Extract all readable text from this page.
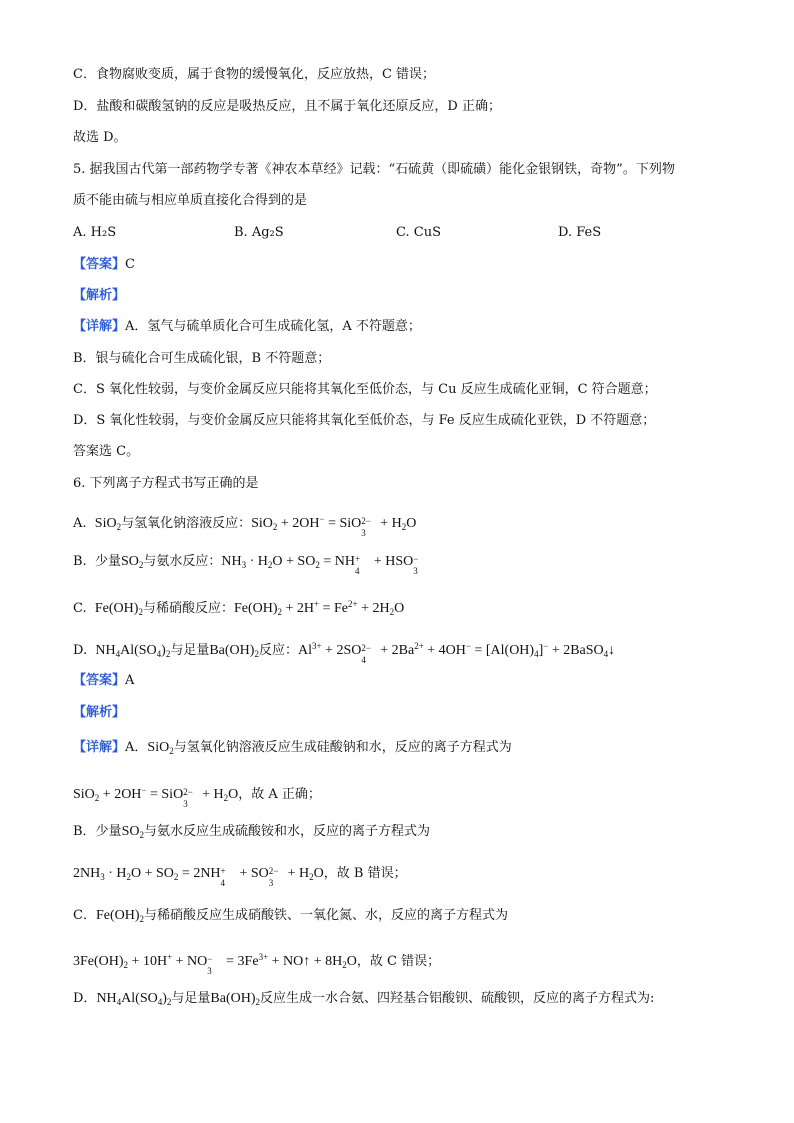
C．食物腐败变质，属于食物的缓慢氧化，反应放热，C 错误；
D．盐酸和碳酸氢钠的反应是吸热反应，且不属于氧化还原反应，D 正确；
故选 D。
5. 据我国古代第一部药物学专著《神农本草经》记载：“石硫黄（即硫磺）能化金银钢铁，奇物”。下列物
质不能由硫与相应单质直接化合得到的是
A. H₂S	B. Ag₂S	C. CuS	D. FeS
【答案】C
【解析】
【详解】A．氢气与硫单质化合可生成硫化氢，A 不符题意；
B．银与硫化合可生成硫化银，B 不符题意；
C．S 氧化性较弱，与变价金属反应只能将其氧化至低价态，与 Cu 反应生成硫化亚铜，C 符合题意；
D．S 氧化性较弱，与变价金属反应只能将其氧化至低价态，与 Fe 反应生成硫化亚铁，D 不符题意；
答案选 C。
6. 下列离子方程式书写正确的是
A. SiO$_2$与氢氧化钠溶液反应：SiO$_2$ + 2OH− = SiO 2−
3
+ $H_2O$
B. 少量$SO_2$与氨水反应：$NH_3 \cdot H_2O + SO_2$ = NH +
4
+ HSO −
3
C. $Fe(OH)_2$与稀硝酸反应：$Fe(OH)_2 + 2H^+ = Fe^{2+} + 2H_2O$
D. $NH_4Al(SO_4)_2$与足量$Ba(OH)_2$反应：$Al^{3+} + 2SO$ 2−
4
+ $2Ba^{2+} + 4OH^- = [Al(OH)_4]^-$ + 2BaSO$_4$↓
【答案】A
【解析】
【详解】A．SiO$_2$与氢氧化钠溶液反应生成硅酸钠和水，反应的离子方程式为
SiO$_2$ + 2OH− = SiO 2−
3
+ $H_2O$，故 A 正确；
B．少量$SO_2$与氨水反应生成硫酸铵和水，反应的离子方程式为
$2NH_3 \cdot H_2O + SO_2 = 2NH$ +
4
+ SO 2−
3
+ $H_2O$，故 B 错误；
C．$Fe(OH)_2$与稀硝酸反应生成硝酸铁、一氧化氮、水，反应的离子方程式为
$3Fe(OH)_2 + 10H^+$ + NO −
3
= $3Fe^{3+}$ + NO↑ + $8H_2O$，故 C 错误；
D．$NH_4Al(SO_4)_2$与足量$Ba(OH)_2$反应生成一水合氨、四羟基合铝酸钡、硫酸钡，反应的离子方程式为:
